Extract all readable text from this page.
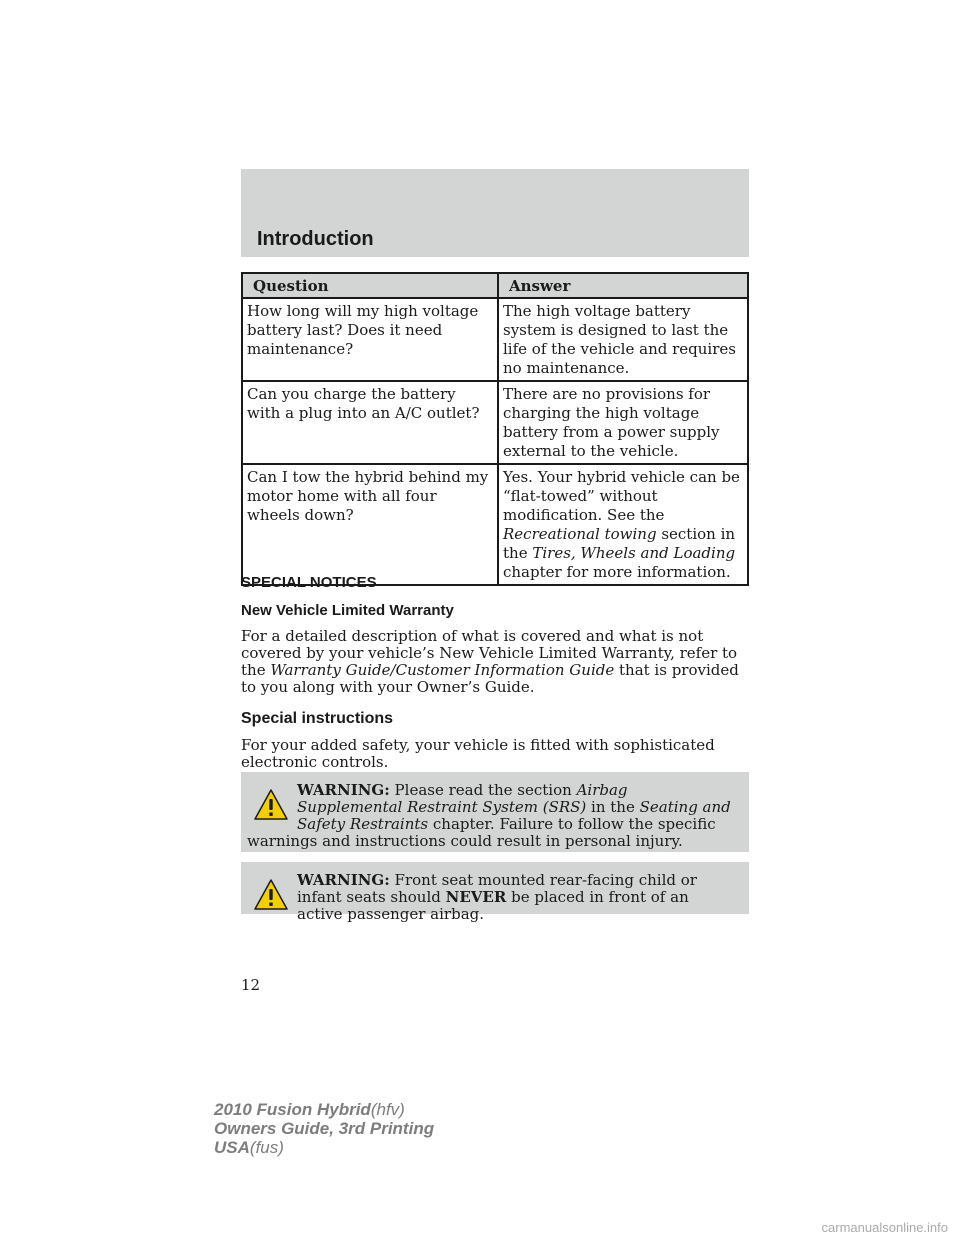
Introduction
Question	Answer
How long will my high voltage battery last? Does it need maintenance?	The high voltage battery system is designed to last the life of the vehicle and requires no maintenance.
Can you charge the battery with a plug into an A/C outlet?	There are no provisions for charging the high voltage battery from a power supply external to the vehicle.
Can I tow the hybrid behind my motor home with all four wheels down?	Yes. Your hybrid vehicle can be “flat-towed” without modification. See the Recreational towing section in the Tires, Wheels and Loading chapter for more information.

SPECIAL NOTICES

New Vehicle Limited Warranty

For a detailed description of what is covered and what is not covered by your vehicle’s New Vehicle Limited Warranty, refer to the Warranty Guide/Customer Information Guide that is provided to you along with your Owner’s Guide.

Special instructions

For your added safety, your vehicle is fitted with sophisticated electronic controls.

WARNING: Please read the section Airbag Supplemental Restraint System (SRS) in the Seating and Safety Restraints chapter. Failure to follow the specific warnings and instructions could result in personal injury.

WARNING: Front seat mounted rear-facing child or infant seats should NEVER be placed in front of an active passenger airbag.

12
2010 Fusion Hybrid(hfv)
Owners Guide, 3rd Printing
USA(fus)
carmanualsonline.info
